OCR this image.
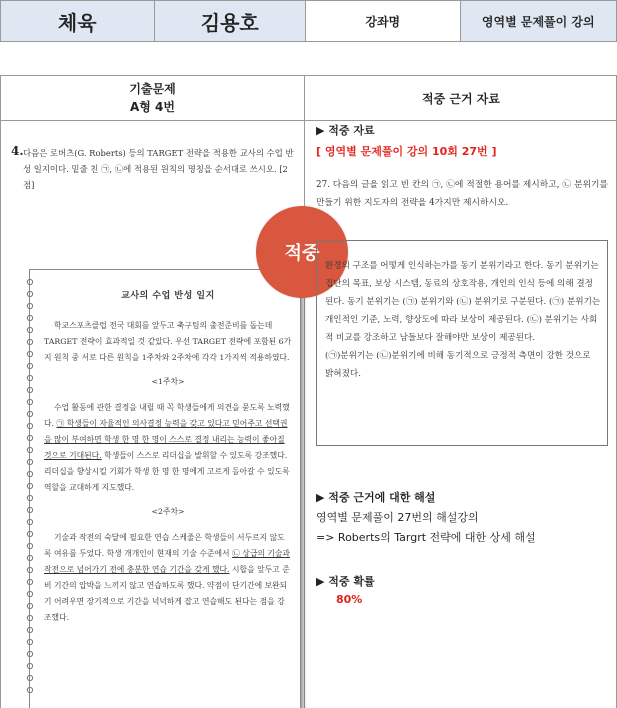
체육	김용호	강좌명	영역별 문제풀이 강의
기출문제
A형 4번
적중 근거 자료
4. 다음은 로버츠(G. Roberts) 등의 TARGET 전략을 적용한 교사의 수업 반성 일지이다. 밑줄 친 ㉠, ㉡에 적용된 원칙의 명칭을 순서대로 쓰시오. [2점]
교사의 수업 반성 일지
학교스포츠클럽 전국 대회를 앞두고 축구팀의 출전준비를 돕는데 TARGET 전략이 효과적일 것 같았다. 우선 TARGET 전략에 포함된 6가지 원칙 중 서로 다른 원칙을 1주차와 2주차에 각각 1가지씩 적용하였다.
<1주차>
수업 활동에 관한 결정을 내릴 때 꼭 학생들에게 의견을 묻도록 노력했다. ㉠ 학생들이 자율적인 의사결정 능력을 갖고 있다고 믿어주고 선택권을 많이 부여하면 학생 한 명 한 명이 스스로 결정 내리는 능력이 좋아질 것으로 기대된다. 학생들이 스스로 리더십을 발휘할 수 있도록 강조했다. 리더십을 향상시킬 기회가 학생 한 명 한 명에게 고르게 돌아갈 수 있도록 역할을 교대하게 지도했다.
<2주차>
기술과 작전의 숙달에 필요한 연습 스케줄은 학생들이 서두르지 않도록 여유를 두었다. 학생 개개인이 현재의 기술 수준에서 ㉡ 상급의 기술과 작전으로 넘어가기 전에 충분한 연습 기간을 갖게 했다. 시합을 앞두고 준비 기간의 압박을 느끼지 않고 연습하도록 했다. 약점이 단기간에 보완되기 어려우면 장기적으로 기간을 넉넉하게 잡고 연습해도 된다는 점을 강조했다.
적중
▶ 적중 자료
[ 영역별 문제풀이 강의 10회 27번 ]
27. 다음의 글을 읽고 빈 칸의 ㉠, ㉡에 적절한 용어를 제시하고, ㉡ 분위기를 만들기 위한 지도자의 전략을 4가지만 제시하시오.
환경의 구조를 어떻게 인식하는가를 동기 분위기라고 한다. 동기 분위기는 집단의 목표, 보상 시스템, 동료의 상호작용, 개인의 인식 등에 의해 결정된다. 동기 분위기는 (㉠) 분위기와 (㉡) 분위기로 구분된다. (㉠) 분위기는 개인적인 기준, 노력, 향상도에 따라 보상이 제공된다. (㉡) 분위기는 사회적 비교를 강조하고 남들보다 잘해야만 보상이 제공된다.
(㉠)분위기는 (㉡)분위기에 비해 동기적으로 긍정적 측면이 강한 것으로 밝혀졌다.
▶ 적중 근거에 대한 해설
영역별 문제풀이 27번의 해설강의
=> Roberts의 Targrt 전략에 대한 상세 해설
▶ 적중 확률
80%
